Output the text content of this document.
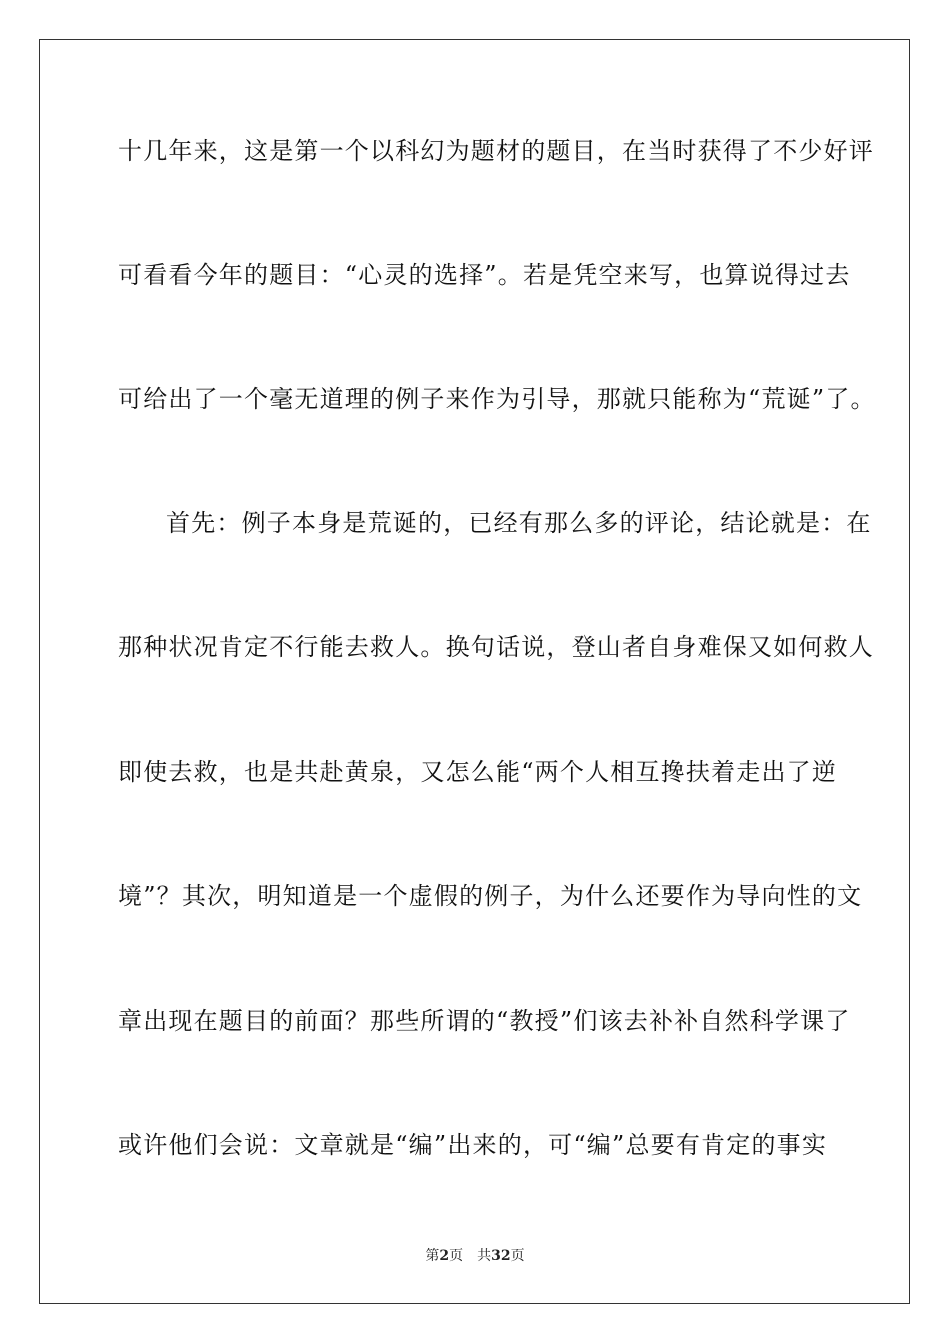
十几年来，这是第一个以科幻为题材的题目，在当时获得了不少好评
可看看今年的题目：“心灵的选择”。若是凭空来写，也算说得过去
可给出了一个毫无道理的例子来作为引导，那就只能称为“荒诞”了。
首先：例子本身是荒诞的，已经有那么多的评论，结论就是：在
那种状况肯定不行能去救人。换句话说，登山者自身难保又如何救人
即使去救，也是共赴黄泉，又怎么能“两个人相互搀扶着走出了逆
境”？其次，明知道是一个虚假的例子，为什么还要作为导向性的文
章出现在题目的前面？那些所谓的“教授”们该去补补自然科学课了
或许他们会说：文章就是“编”出来的，可“编”总要有肯定的事实
第2页 共32页
